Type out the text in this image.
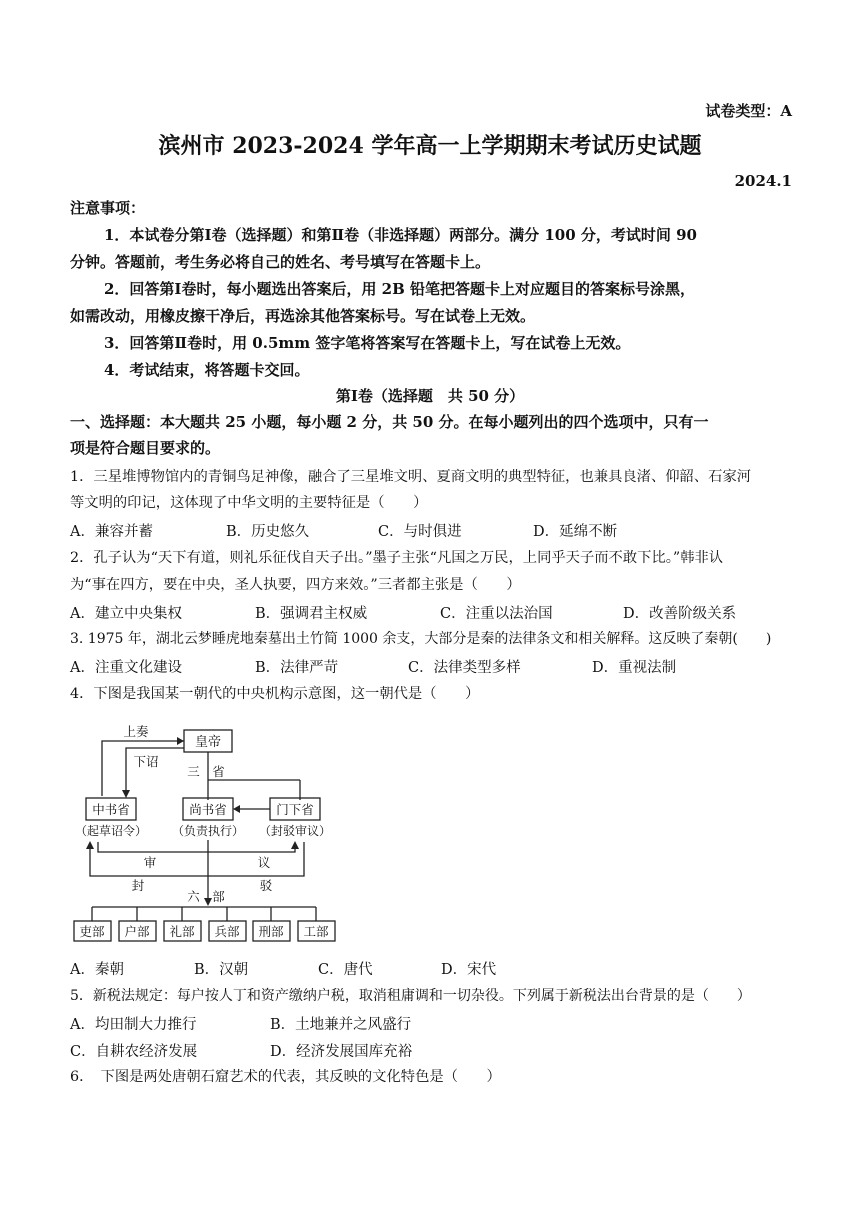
试卷类型：A
滨州市 2023-2024 学年高一上学期期末考试历史试题
2024.1
注意事项：
1．本试卷分第Ⅰ卷（选择题）和第Ⅱ卷（非选择题）两部分。满分 100 分，考试时间 90
分钟。答题前，考生务必将自己的姓名、考号填写在答题卡上。
2．回答第Ⅰ卷时，每小题选出答案后，用 2B 铅笔把答题卡上对应题目的答案标号涂黑，
如需改动，用橡皮擦干净后，再选涂其他答案标号。写在试卷上无效。
3．回答第Ⅱ卷时，用 0.5mm 签字笔将答案写在答题卡上，写在试卷上无效。
4．考试结束，将答题卡交回。
第Ⅰ卷（选择题　共 50 分）
一、选择题：本大题共 25 小题，每小题 2 分，共 50 分。在每小题列出的四个选项中，只有一
项是符合题目要求的。
1．三星堆博物馆内的青铜鸟足神像，融合了三星堆文明、夏商文明的典型特征，也兼具良渚、仰韶、石家河
等文明的印记，这体现了中华文明的主要特征是（　　）
A．兼容并蓄	B．历史悠久	C．与时俱进	D．延绵不断
2．孔子认为“天下有道，则礼乐征伐自天子出。”墨子主张“凡国之万民，上同乎天子而不敢下比。”韩非认
为“事在四方，要在中央，圣人执要，四方来效。”三者都主张是（　　）
A．建立中央集权	B．强调君主权威	C．注重以法治国	D．改善阶级关系
3. 1975 年，湖北云梦睡虎地秦墓出土竹简 1000 余支，大部分是秦的法律条文和相关解释。这反映了秦朝(　　)
A．注重文化建设	B．法律严苛	C．法律类型多样	D．重视法制
4．下图是我国某一朝代的中央机构示意图，这一朝代是（　　）
皇帝
上奏
下诏
三　省
中书省	尚书省	门下省
（起草诏令） （负责执行） （封驳审议）
审	议
封	驳
六　部
吏部 户部 礼部 兵部 刑部 工部
A．秦朝	B．汉朝	C．唐代	D．宋代
5．新税法规定：每户按人丁和资产缴纳户税，取消租庸调和一切杂役。下列属于新税法出台背景的是（　　）
A．均田制大力推行	B．土地兼并之风盛行
C．自耕农经济发展	D．经济发展国库充裕
6．　下图是两处唐朝石窟艺术的代表，其反映的文化特色是（　　）
